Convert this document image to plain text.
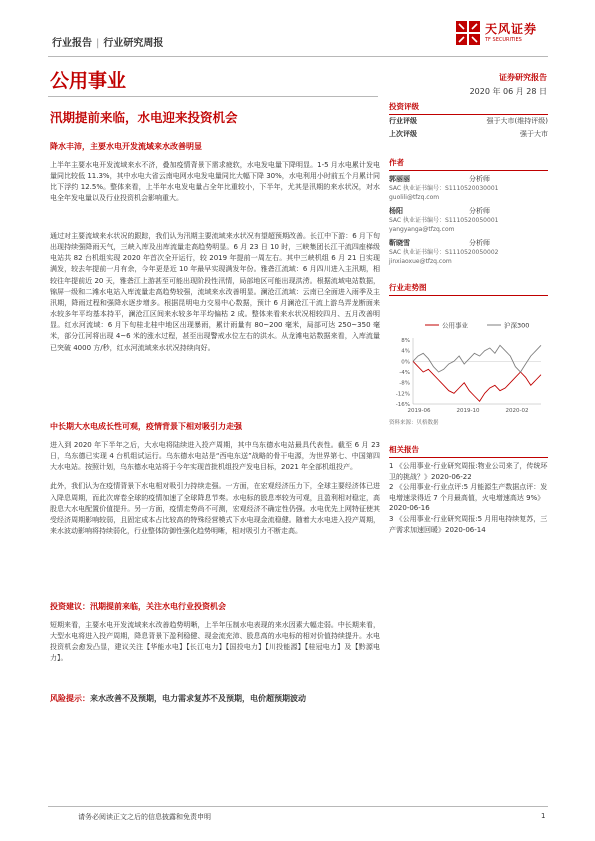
行业报告 | 行业研究周报
天风证券
TF SECURITIES
公用事业	证券研究报告
2020 年 06 月 28 日
汛期提前来临，水电迎来投资机会
降水丰沛，主要水电开发流域来水改善明显

上半年主要水电开发流域来水不济，叠加疫情背景下需求疲软，水电发电量下降明显。1-5 月水电累计发电量同比较低 11.3%，其中水电大省云南电网水电发电量同比大幅下降 30%，水电利用小时前五个月累计同比下浮约 12.5%。整体来看，上半年水电发电量占全年比重较小，下半年，尤其是汛期的来水状况，对水电全年发电量以及行业投资机会影响重大。

通过对主要流域来水状况的跟踪，我们认为汛期主要流域来水状况有望超预期改善。长江中下游：6 月下旬出现持续强降雨天气，三峡入库及出库流量走高趋势明显。6 月 23 日 10 时，三峡集团长江干流四座梯级电站共 82 台机组实现 2020 年首次全开运行，较 2019 年提前一周左右。其中三峡机组 6 月 21 日实现满发，较去年提前一月有余，今年更是近 10 年最早实现满发年份。雅砻江流域：6 月四川进入主汛期，相较往年提前近 20 天，雅砻江上游甚至可能出现阶段性汛情，局部地区可能出现洪涝。根据流域电站数据，锦屏一级和二滩水电站入库流量走高趋势较强，流域来水改善明显。澜沧江流域：云南已全面进入雨季及主汛期，降雨过程和强降水逐步增多。根据昆明电力交易中心数据，预计 6 月澜沧江干流上游乌弄龙断面来水较多年平均基本持平，澜沧江区间来水较多年平均偏枯 2 成。整体来看来水状况相较四月、五月改善明显。红水河流域：6 月下旬桂北桂中地区出现暴雨，累计雨量有 80~200 毫米，局部可达 250~350 毫米，部分江河将出现 4~6 米的涨水过程，甚至出现警戒水位左右的洪水。从龙滩电站数据来看，入库流量已突破 4000 方/秒，红水河流域来水状况持续向好。

中长期大水电成长性可观，疫情背景下相对吸引力走强

进入到 2020 年下半年之后，大水电将陆续进入投产周期，其中乌东德水电站最具代表性。截至 6 月 23 日，乌东德已实现 4 台机组试运行。乌东德水电站是“西电东送”战略的骨干电源，为世界第七、中国第四大水电站。按照计划，乌东德水电站将于今年实现首批机组投产发电目标，2021 年全部机组投产。

此外，我们认为在疫情背景下水电相对吸引力持续走强。一方面，在宏观经济压力下，全球主要经济体已进入降息周期，而此次席卷全球的疫情加速了全球降息节奏。水电标的股息率较为可观，且盈利相对稳定，高股息大水电配置价值提升。另一方面，疫情走势尚不可测，宏观经济不确定性仍强。水电优先上网特征使其受经济周期影响较弱，且固定成本占比较高的特殊经营模式下水电现金流稳健。随着大水电进入投产周期，来水波动影响将持续弱化，行业整体防御性强化趋势明晰，相对吸引力不断走高。

投资建议：汛期提前来临，关注水电行业投资机会

短期来看，主要水电开发流域来水改善趋势明晰，上半年压制水电表现的来水因素大幅走弱。中长期来看，大型水电将进入投产周期，降息背景下盈利稳健、现金流充沛、股息高的水电标的相对价值持续提升。水电投资机会愈发凸显，建议关注【华能水电】【长江电力】【国投电力】【川投能源】【桂冠电力】及【黔源电力】。

风险提示：来水改善不及预期，电力需求复苏不及预期，电价超预期波动
投资评级
行业评级	强于大市(维持评级)
上次评级	强于大市
作者
郭丽丽	分析师
SAC 执业证书编号：S1110520030001
guolili@tfzq.com
杨阳	分析师
SAC 执业证书编号：S1110520050001
yangyanga@tfzq.com
靳晓雪	分析师
SAC 执业证书编号：S1110520050002
jinxiaoxue@tfzq.com
行业走势图
公用事业	沪深300
8%
4%
0%
-4%
-8%
-12%
-16%
2019-06	2019-10	2020-02
资料来源：贝格数据
相关报告
1 《公用事业-行业研究周报:物业公司来了，传统环卫的挑战？》2020-06-22
2 《公用事业-行业点评:5 月能源生产数据点评：发电增速录得近 7 个月最高值，火电增速高达 9%》2020-06-16
3 《公用事业-行业研究周报:5 月用电持续复苏，三产需求加速回暖》2020-06-14
请务必阅读正文之后的信息披露和免责申明	1
